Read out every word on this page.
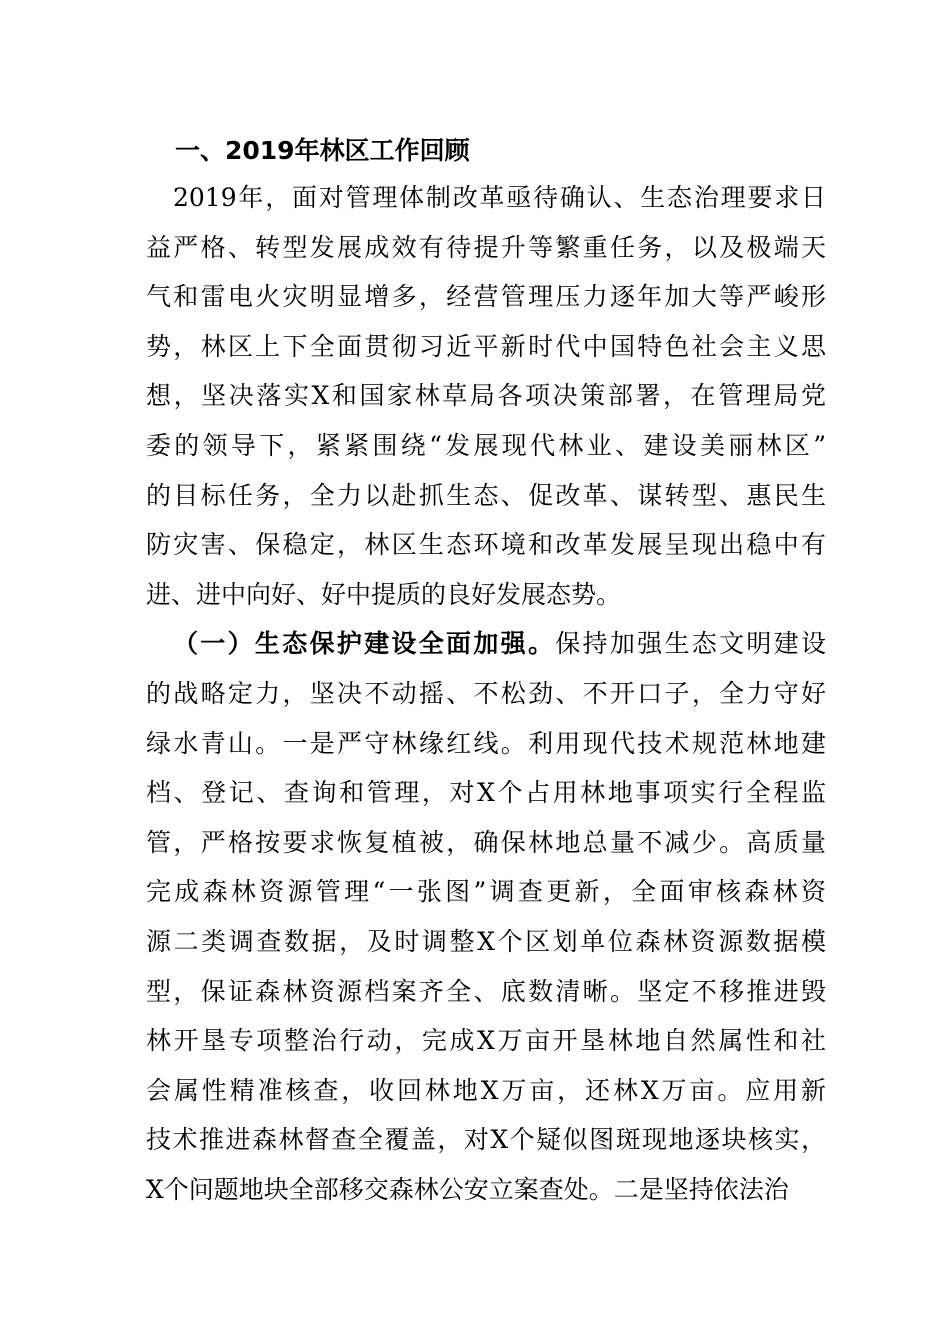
一、2019年林区工作回顾
2019年，面对管理体制改革亟待确认、生态治理要求日
益严格、转型发展成效有待提升等繁重任务，以及极端天
气和雷电火灾明显增多，经营管理压力逐年加大等严峻形
势，林区上下全面贯彻习近平新时代中国特色社会主义思
想，坚决落实X和国家林草局各项决策部署，在管理局党
委的领导下，紧紧围绕“发展现代林业、建设美丽林区”
的目标任务，全力以赴抓生态、促改革、谋转型、惠民生
防灾害、保稳定，林区生态环境和改革发展呈现出稳中有
进、进中向好、好中提质的良好发展态势。
（一）生态保护建设全面加强。保持加强生态文明建设
的战略定力，坚决不动摇、不松劲、不开口子，全力守好
绿水青山。一是严守林缘红线。利用现代技术规范林地建
档、登记、查询和管理，对X个占用林地事项实行全程监
管，严格按要求恢复植被，确保林地总量不减少。高质量
完成森林资源管理“一张图”调查更新，全面审核森林资
源二类调查数据，及时调整X个区划单位森林资源数据模
型，保证森林资源档案齐全、底数清晰。坚定不移推进毁
林开垦专项整治行动，完成X万亩开垦林地自然属性和社
会属性精准核查，收回林地X万亩，还林X万亩。应用新
技术推进森林督查全覆盖，对X个疑似图斑现地逐块核实，
X个问题地块全部移交森林公安立案查处。二是坚持依法治
